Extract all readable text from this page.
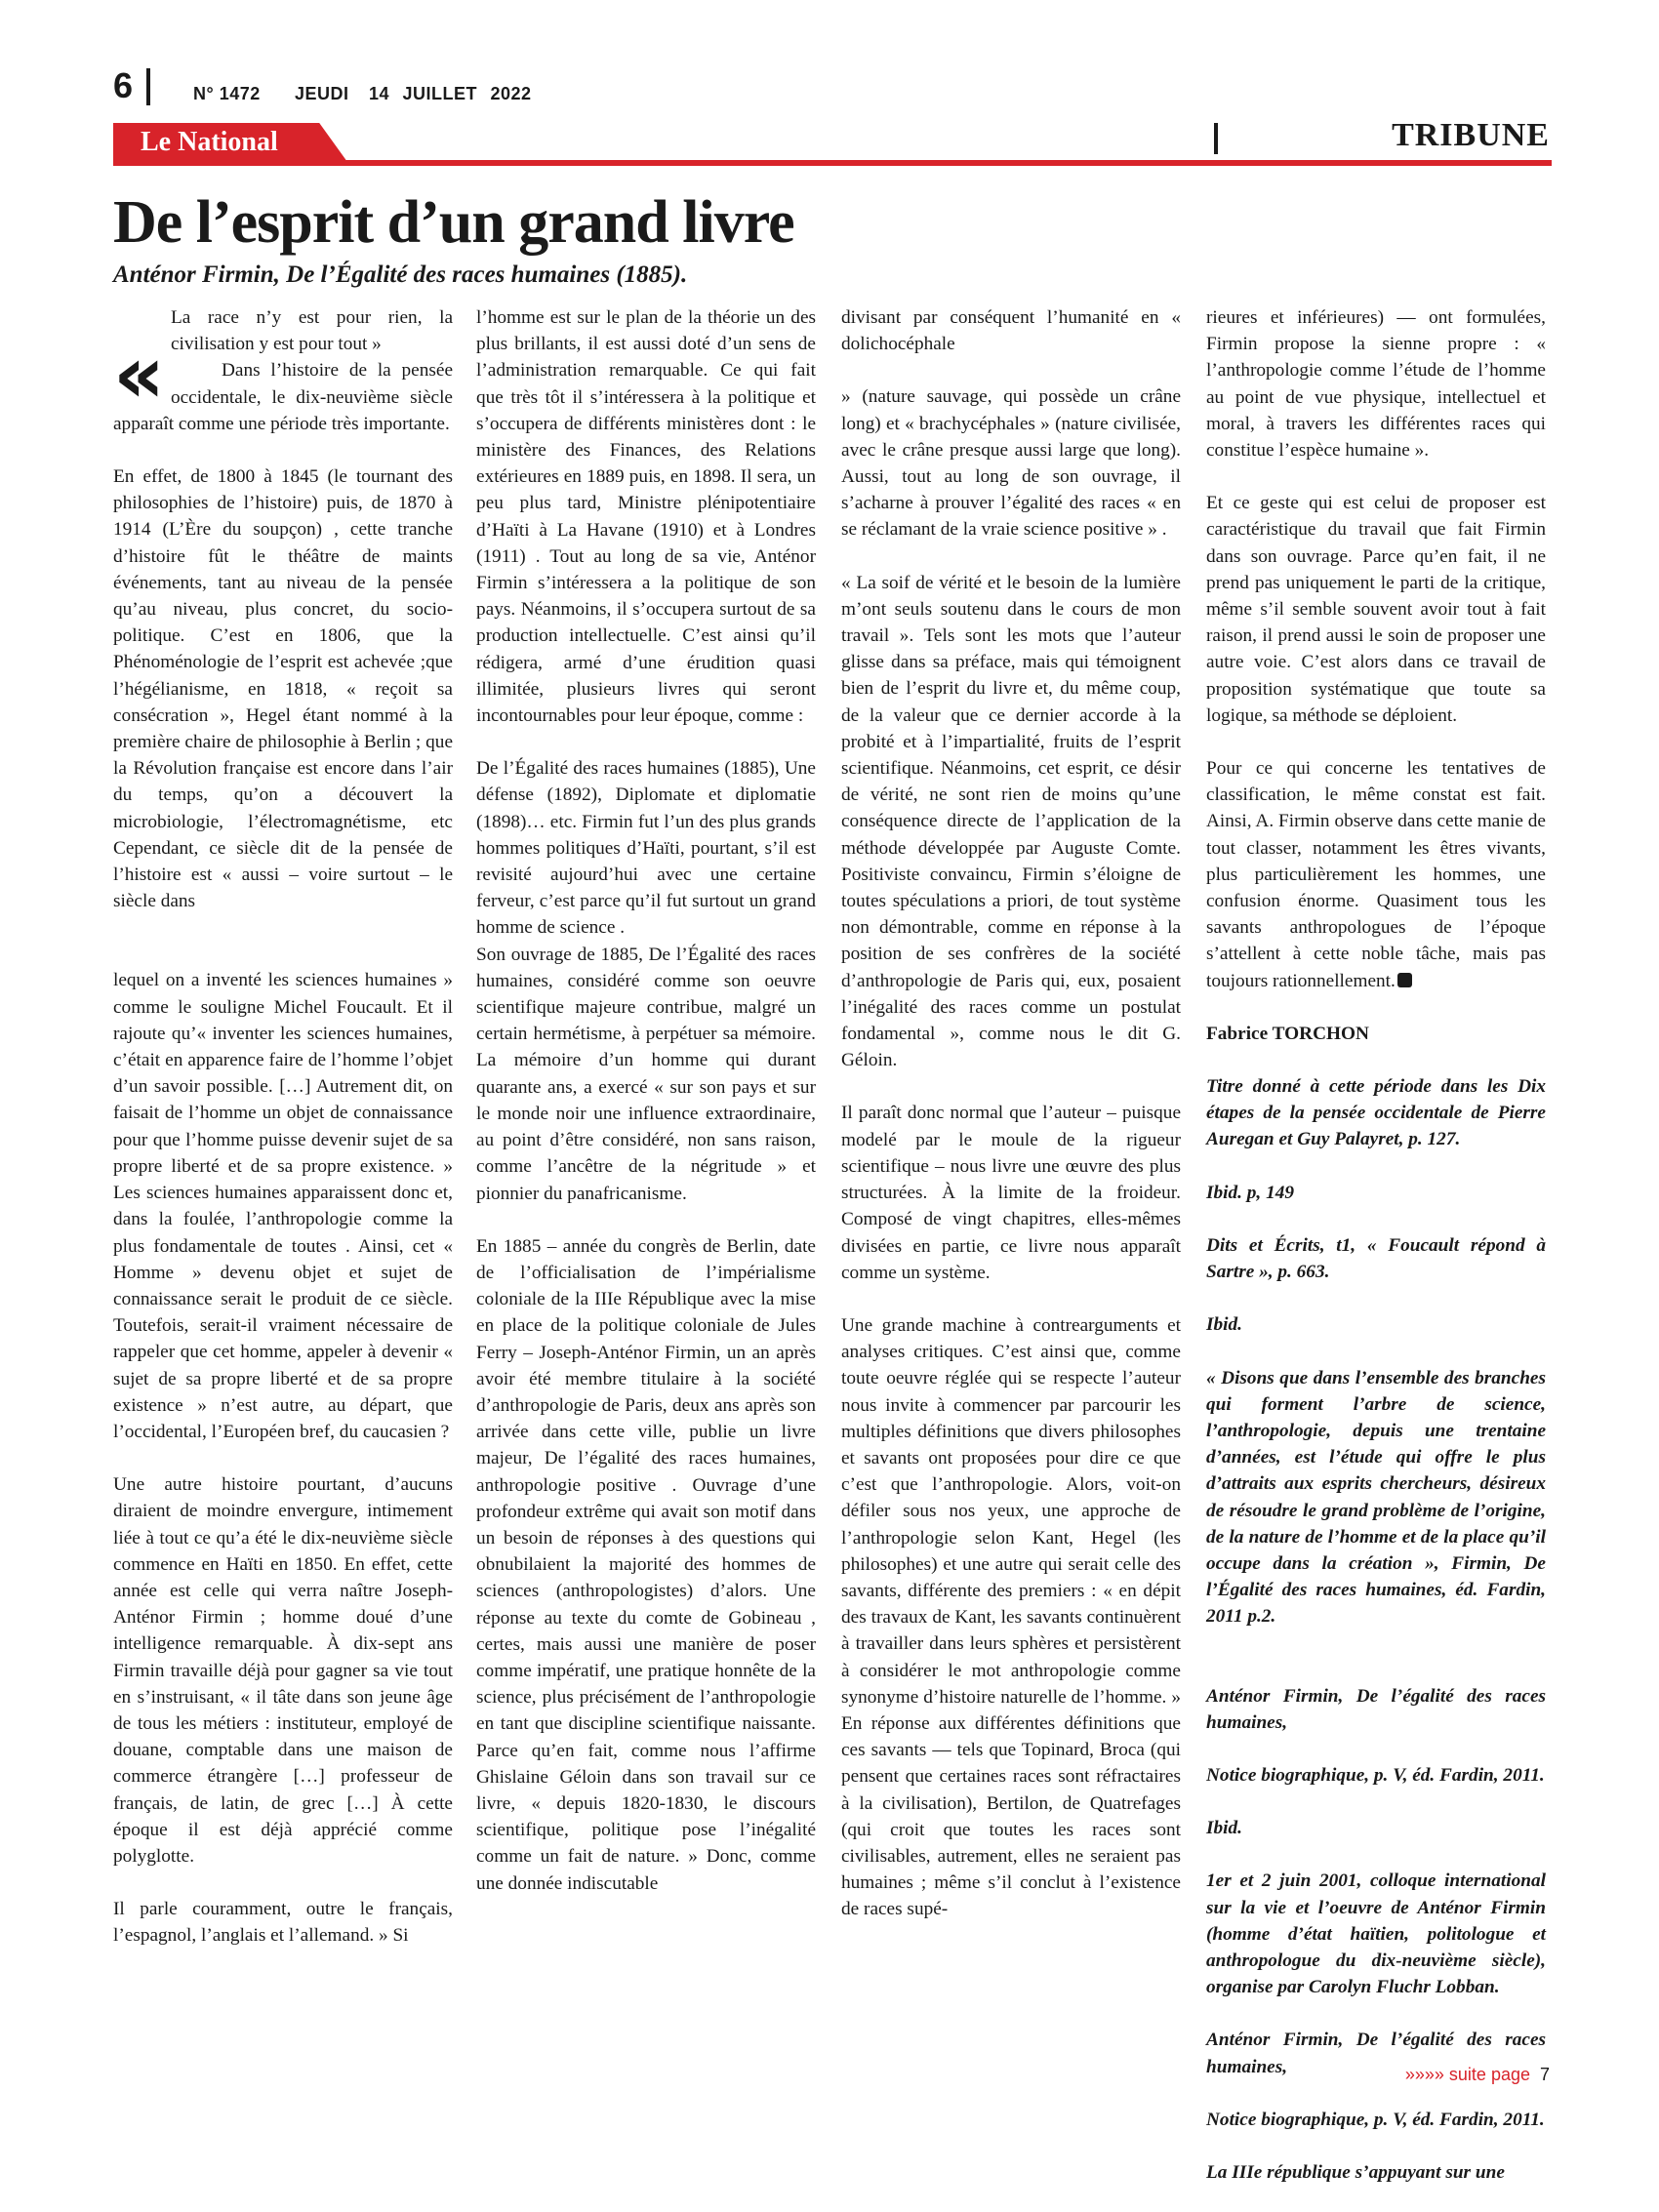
6	N° 1472 JEUDI 14 JUILLET 2022
Le National	TRIBUNE
De l’esprit d’un grand livre
Anténor Firmin, De l’Égalité des races humaines (1885).
«

La race n’y est pour rien, la civilisation y est pour tout »

Dans l’histoire de la pensée occidentale, le dix-neuvième siècle apparaît comme une période très importante.

En effet, de 1800 à 1845 (le tournant des philosophies de l’histoire) puis, de 1870 à 1914 (L’Ère du soupçon) , cette tranche d’histoire fût le théâtre de maints événements, tant au niveau de la pensée qu’au niveau, plus concret, du socio-politique. C’est en 1806, que la Phénoménologie de l’esprit est achevée ;que l’hégélianisme, en 1818, « reçoit sa consécration », Hegel étant nommé à la première chaire de philosophie à Berlin ; que la Révolution française est encore dans l’air du temps, qu’on a découvert la microbiologie, l’électromagnétisme, etc Cependant, ce siècle dit de la pensée de l’histoire est « aussi – voire surtout – le siècle dans

lequel on a inventé les sciences humaines » comme le souligne Michel Foucault. Et il rajoute qu’« inventer les sciences humaines, c’était en apparence faire de l’homme l’objet d’un savoir possible. […] Autrement dit, on faisait de l’homme un objet de connaissance pour que l’homme puisse devenir sujet de sa propre liberté et de sa propre existence. » Les sciences humaines apparaissent donc et, dans la foulée, l’anthropologie comme la plus fondamentale de toutes . Ainsi, cet « Homme » devenu objet et sujet de connaissance serait le produit de ce siècle. Toutefois, serait-il vraiment nécessaire de rappeler que cet homme, appeler à devenir « sujet de sa propre liberté et de sa propre existence » n’est autre, au départ, que l’occidental, l’Européen bref, du caucasien ?

Une autre histoire pourtant, d’aucuns diraient de moindre envergure, intimement liée à tout ce qu’a été le dix-neuvième siècle commence en Haïti en 1850. En effet, cette année est celle qui verra naître Joseph-Anténor Firmin ; homme doué d’une intelligence remarquable. À dix-sept ans Firmin travaille déjà pour gagner sa vie tout en s’instruisant, « il tâte dans son jeune âge de tous les métiers : instituteur, employé de douane, comptable dans une maison de commerce étrangère […] professeur de français, de latin, de grec […] À cette époque il est déjà apprécié comme polyglotte.

Il parle couramment, outre le français, l’espagnol, l’anglais et l’allemand. » Si

l’homme est sur le plan de la théorie un des plus brillants, il est aussi doté d’un sens de l’administration remarquable. Ce qui fait que très tôt il s’intéressera à la politique et s’occupera de différents ministères dont : le ministère des Finances, des Relations extérieures en 1889 puis, en 1898. Il sera, un peu plus tard, Ministre plénipotentiaire d’Haïti à La Havane (1910) et à Londres (1911) . Tout au long de sa vie, Anténor Firmin s’intéressera a la politique de son pays. Néanmoins, il s’occupera surtout de sa production intellectuelle. C’est ainsi qu’il rédigera, armé d’une érudition quasi illimitée, plusieurs livres qui seront incontournables pour leur époque, comme :

De l’Égalité des races humaines (1885), Une défense (1892), Diplomate et diplomatie (1898)… etc. Firmin fut l’un des plus grands hommes politiques d’Haïti, pourtant, s’il est revisité aujourd’hui avec une certaine ferveur, c’est parce qu’il fut surtout un grand homme de science .

Son ouvrage de 1885, De l’Égalité des races humaines, considéré comme son oeuvre scientifique majeure contribue, malgré un certain hermétisme, à perpétuer sa mémoire. La mémoire d’un homme qui durant quarante ans, a exercé « sur son pays et sur le monde noir une influence extraordinaire, au point d’être considéré, non sans raison, comme l’ancêtre de la négritude » et pionnier du panafricanisme.

En 1885 – année du congrès de Berlin, date de l’officialisation de l’impérialisme coloniale de la IIIe République avec la mise en place de la politique coloniale de Jules Ferry – Joseph-Anténor Firmin, un an après avoir été membre titulaire à la société d’anthropologie de Paris, deux ans après son arrivée dans cette ville, publie un livre majeur, De l’égalité des races humaines, anthropologie positive . Ouvrage d’une profondeur extrême qui avait son motif dans un besoin de réponses à des questions qui obnubilaient la majorité des hommes de sciences (anthropologistes) d’alors. Une réponse au texte du comte de Gobineau , certes, mais aussi une manière de poser comme impératif, une pratique honnête de la science, plus précisément de l’anthropologie en tant que discipline scientifique naissante. Parce qu’en fait, comme nous l’affirme Ghislaine Géloin dans son travail sur ce livre, « depuis 1820-1830, le discours scientifique, politique pose l’inégalité comme un fait de nature. » Donc, comme une donnée indiscutable

divisant par conséquent l’humanité en « dolichocéphale

» (nature sauvage, qui possède un crâne long) et « brachycéphales » (nature civilisée, avec le crâne presque aussi large que long). Aussi, tout au long de son ouvrage, il s’acharne à prouver l’égalité des races « en se réclamant de la vraie science positive » .

« La soif de vérité et le besoin de la lumière m’ont seuls soutenu dans le cours de mon travail ». Tels sont les mots que l’auteur glisse dans sa préface, mais qui témoignent bien de l’esprit du livre et, du même coup, de la valeur que ce dernier accorde à la probité et à l’impartialité, fruits de l’esprit scientifique. Néanmoins, cet esprit, ce désir de vérité, ne sont rien de moins qu’une conséquence directe de l’application de la méthode développée par Auguste Comte. Positiviste convaincu, Firmin s’éloigne de toutes spéculations a priori, de tout système non démontrable, comme en réponse à la position de ses confrères de la société d’anthropologie de Paris qui, eux, posaient l’inégalité des races comme un postulat fondamental », comme nous le dit G. Géloin.

Il paraît donc normal que l’auteur – puisque modelé par le moule de la rigueur scientifique – nous livre une œuvre des plus structurées. À la limite de la froideur. Composé de vingt chapitres, elles-mêmes divisées en partie, ce livre nous apparaît comme un système.

Une grande machine à contrearguments et analyses critiques. C’est ainsi que, comme toute oeuvre réglée qui se respecte l’auteur nous invite à commencer par parcourir les multiples définitions que divers philosophes et savants ont proposées pour dire ce que c’est que l’anthropologie. Alors, voit-on défiler sous nos yeux, une approche de l’anthropologie selon Kant, Hegel (les philosophes) et une autre qui serait celle des savants, différente des premiers : « en dépit des travaux de Kant, les savants continuèrent à travailler dans leurs sphères et persistèrent à considérer le mot anthropologie comme synonyme d’histoire naturelle de l’homme. » En réponse aux différentes définitions que ces savants — tels que Topinard, Broca (qui pensent que certaines races sont réfractaires à la civilisation), Bertilon, de Quatrefages (qui croit que toutes les races sont civilisables, autrement, elles ne seraient pas humaines ; même s’il conclut à l’existence de races supé-

rieures et inférieures) — ont formulées, Firmin propose la sienne propre : « l’anthropologie comme l’étude de l’homme au point de vue physique, intellectuel et moral, à travers les différentes races qui constitue l’espèce humaine ».

Et ce geste qui est celui de proposer est caractéristique du travail que fait Firmin dans son ouvrage. Parce qu’en fait, il ne prend pas uniquement le parti de la critique, même s’il semble souvent avoir tout à fait raison, il prend aussi le soin de proposer une autre voie. C’est alors dans ce travail de proposition systématique que toute sa logique, sa méthode se déploient.

Pour ce qui concerne les tentatives de classification, le même constat est fait. Ainsi, A. Firmin observe dans cette manie de tout classer, notamment les êtres vivants, plus particulièrement les hommes, une confusion énorme. Quasiment tous les savants anthropologues de l’époque s’attellent à cette noble tâche, mais pas toujours rationnellement.

Fabrice TORCHON

Titre donné à cette période dans les Dix étapes de la pensée occidentale de Pierre Auregan et Guy Palayret, p. 127.

Ibid. p, 149

Dits et Écrits, t1, « Foucault répond à Sartre », p. 663.

Ibid.

« Disons que dans l’ensemble des branches qui forment l’arbre de science, l’anthropologie, depuis une trentaine d’années, est l’étude qui offre le plus d’attraits aux esprits chercheurs, désireux de résoudre le grand problème de l’origine, de la nature de l’homme et de la place qu’il occupe dans la création », Firmin, De l’Égalité des races humaines, éd. Fardin, 2011 p.2.

Anténor Firmin, De l’égalité des races humaines,

Notice biographique, p. V, éd. Fardin, 2011.

Ibid.

1er et 2 juin 2001, colloque international sur la vie et l’oeuvre de Anténor Firmin (homme d’état haïtien, politologue et anthropologue du dix-neuvième siècle), organise par Carolyn Fluchr Lobban.

Anténor Firmin, De l’égalité des races humaines,

Notice biographique, p. V, éd. Fardin, 2011.

La IIIe république s’appuyant sur une

»»»» suite page 7
